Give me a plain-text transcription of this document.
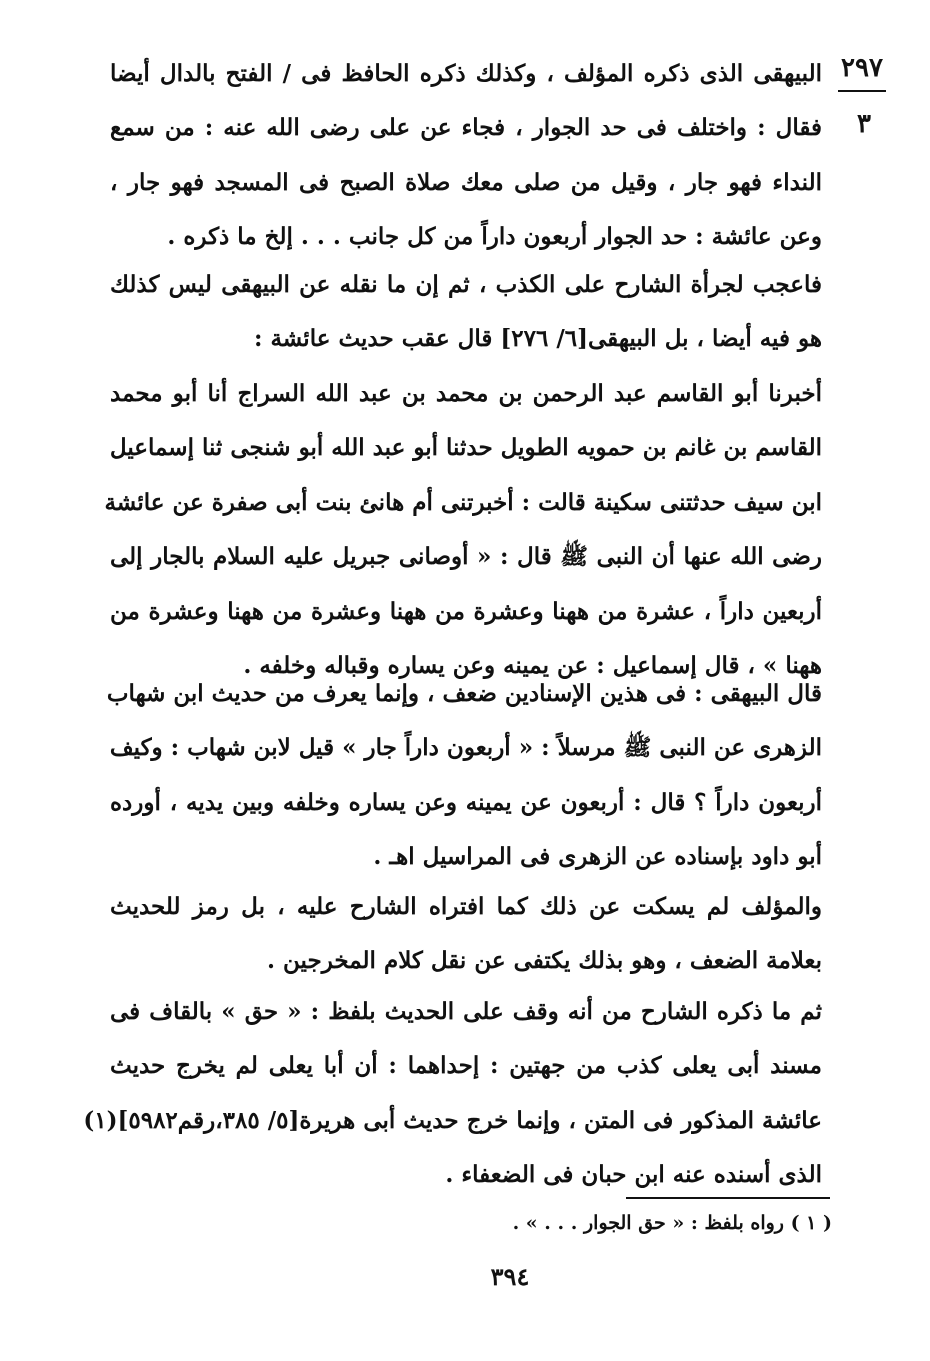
٢٩٧
٣
البيهقى الذى ذكره المؤلف ، وكذلك ذكره الحافظ فى / الفتح بالدال أيضا
فقال : واختلف فى حد الجوار ، فجاء عن على رضى الله عنه : من سمع
النداء فهو جار ، وقيل من صلى معك صلاة الصبح فى المسجد فهو جار ،
وعن عائشة : حد الجوار أربعون داراً من كل جانب . . . إلخ ما ذكره .
فاعجب لجرأة الشارح على الكذب ، ثم إن ما نقله عن البيهقى ليس كذلك
هو فيه أيضا ، بل البيهقى[٦/ ٢٧٦] قال عقب حديث عائشة :
أخبرنا أبو القاسم عبد الرحمن بن محمد بن عبد الله السراج أنا أبو محمد
القاسم بن غانم بن حمويه الطويل حدثنا أبو عبد الله أبو شنجى ثنا إسماعيل
ابن سيف حدثتنى سكينة قالت : أخبرتنى أم هانئ بنت أبى صفرة عن عائشة
رضى الله عنها أن النبى ﷺ قال : « أوصانى جبريل عليه السلام بالجار إلى
أربعين داراً ، عشرة من ههنا وعشرة من ههنا وعشرة من ههنا وعشرة من
ههنا » ، قال إسماعيل : عن يمينه وعن يساره وقباله وخلفه .
قال البيهقى : فى هذين الإسنادين ضعف ، وإنما يعرف من حديث ابن شهاب
الزهرى عن النبى ﷺ مرسلاً : « أربعون داراً جار » قيل لابن شهاب : وكيف
أربعون داراً ؟ قال : أربعون عن يمينه وعن يساره وخلفه وبين يديه ، أورده
أبو داود بإسناده عن الزهرى فى المراسيل اهـ .
والمؤلف لم يسكت عن ذلك كما افتراه الشارح عليه ، بل رمز للحديث
بعلامة الضعف ، وهو بذلك يكتفى عن نقل كلام المخرجين .
ثم ما ذكره الشارح من أنه وقف على الحديث بلفظ : « حق » بالقاف فى
مسند أبى يعلى كذب من جهتين : إحداهما : أن أبا يعلى لم يخرج حديث
عائشة المذكور فى المتن ، وإنما خرج حديث أبى هريرة[٥/ ٣٨٥،رقم٥٩٨٢](١)
الذى أسنده عنه ابن حبان فى الضعفاء .
( ١ ) رواه بلفظ : « حق الجوار . . . » .
٣٩٤
